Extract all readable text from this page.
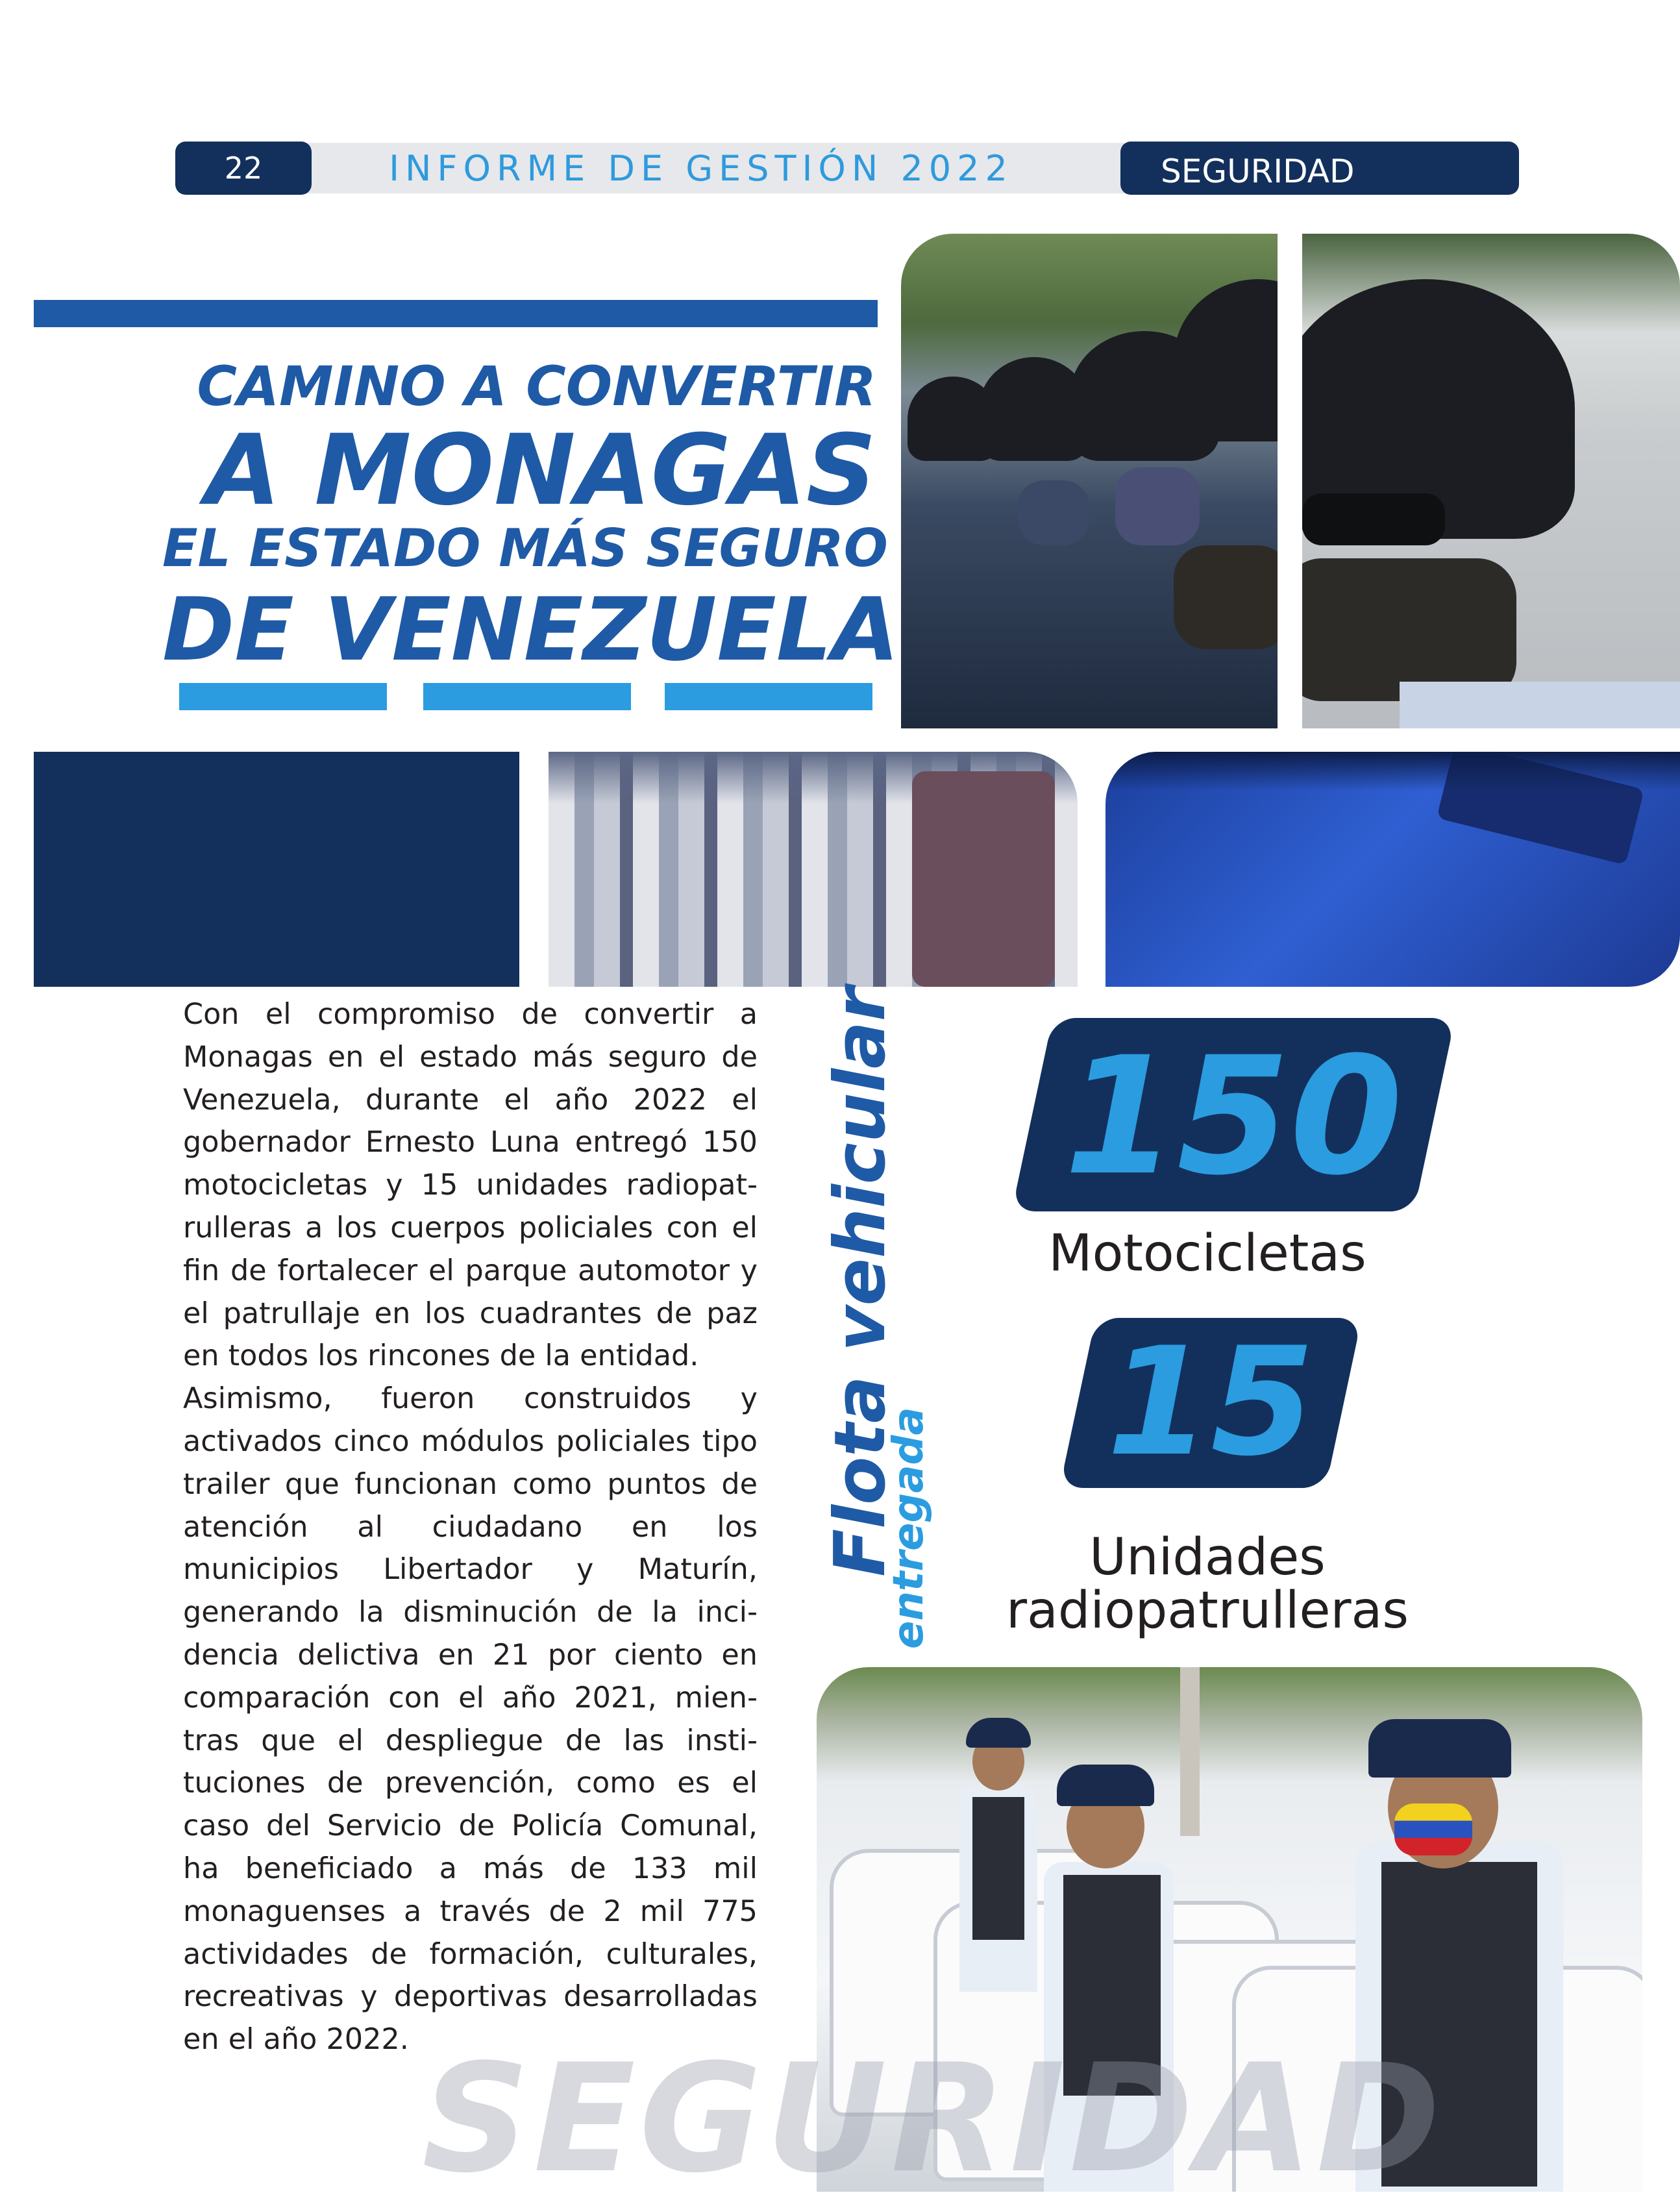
22	INFORME DE GESTIÓN 2022	SEGURIDAD
CAMINO A CONVERTIR
A MONAGAS
EL ESTADO MÁS SEGURO
DE VENEZUELA

Con el compromiso de convertir a Monagas en el estado más seguro de Venezuela, durante el año 2022 el gobernador Ernesto Luna entregó 150 motocicletas y 15 unidades radiopatrulleras a los cuerpos policiales con el fin de fortalecer el parque automotor y el patrullaje en los cuadrantes de paz en todos los rincones de la entidad.

Asimismo, fueron construidos y activados cinco módulos policiales tipo trailer que funcionan como puntos de atención al ciudadano en los municipios Libertador y Maturín, generando la disminución de la incidencia delictiva en 21 por ciento en comparación con el año 2021, mientras que el despliegue de las instituciones de prevención, como es el caso del Servicio de Policía Comunal, ha beneficiado a más de 133 mil monaguenses a través de 2 mil 775 actividades de formación, culturales, recreativas y deportivas desarrolladas en el año 2022.

Flota vehicular
entregada
150
Motocicletas
15
Unidades
radiopatrulleras
SEGURIDAD
